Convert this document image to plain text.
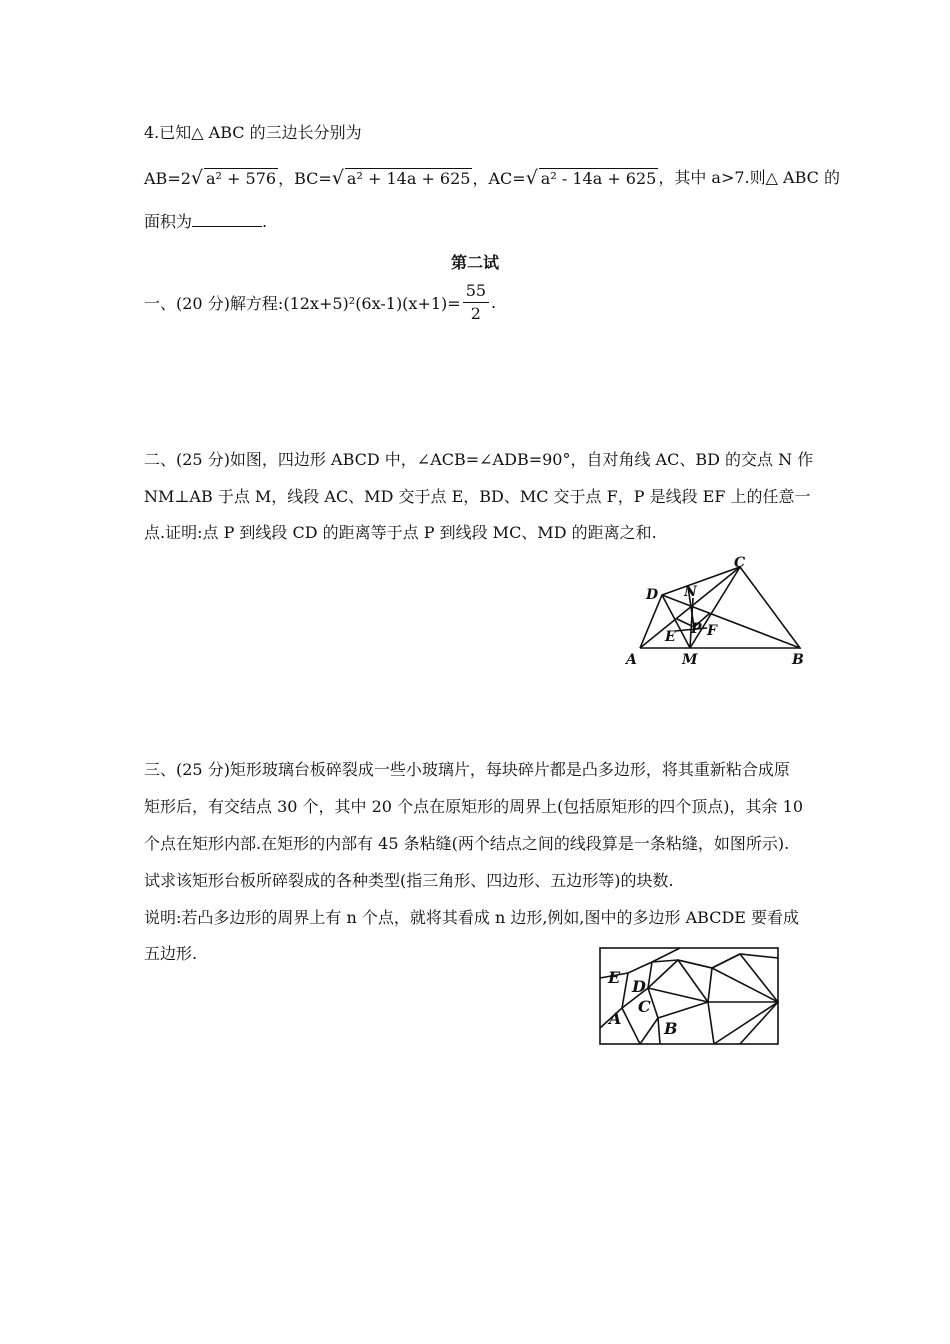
4.已知△ ABC 的三边长分别为
AB=2√ a² + 576 ，BC=√ a² + 14a + 625 ，AC=√ a² - 14a + 625 ，其中 a>7.则△ ABC 的
面积为	.
第二试
一、(20 分)解方程:(12x+5)²(6x-1)(x+1)= $\frac{55}{2}$ .
二、(25 分)如图，四边形 ABCD 中，∠ACB=∠ADB=90°，自对角线 AC、BD 的交点 N 作
NM⊥AB 于点 M，线段 AC、MD 交于点 E，BD、MC 交于点 F，P 是线段 EF 上的任意一
点.证明:点 P 到线段 CD 的距离等于点 P 到线段 MC、MD 的距离之和.
A	B
C
D N
E P F
M
三、(25 分)矩形玻璃台板碎裂成一些小玻璃片，每块碎片都是凸多边形，将其重新粘合成原
矩形后，有交结点 30 个，其中 20 个点在原矩形的周界上(包括原矩形的四个顶点)，其余 10
个点在矩形内部.在矩形的内部有 45 条粘缝(两个结点之间的线段算是一条粘缝，如图所示).
试求该矩形台板所碎裂成的各种类型(指三角形、四边形、五边形等)的块数.
说明:若凸多边形的周界上有 n 个点，就将其看成 n 边形,例如,图中的多边形 ABCDE 要看成
五边形.
E D
C
A
B
